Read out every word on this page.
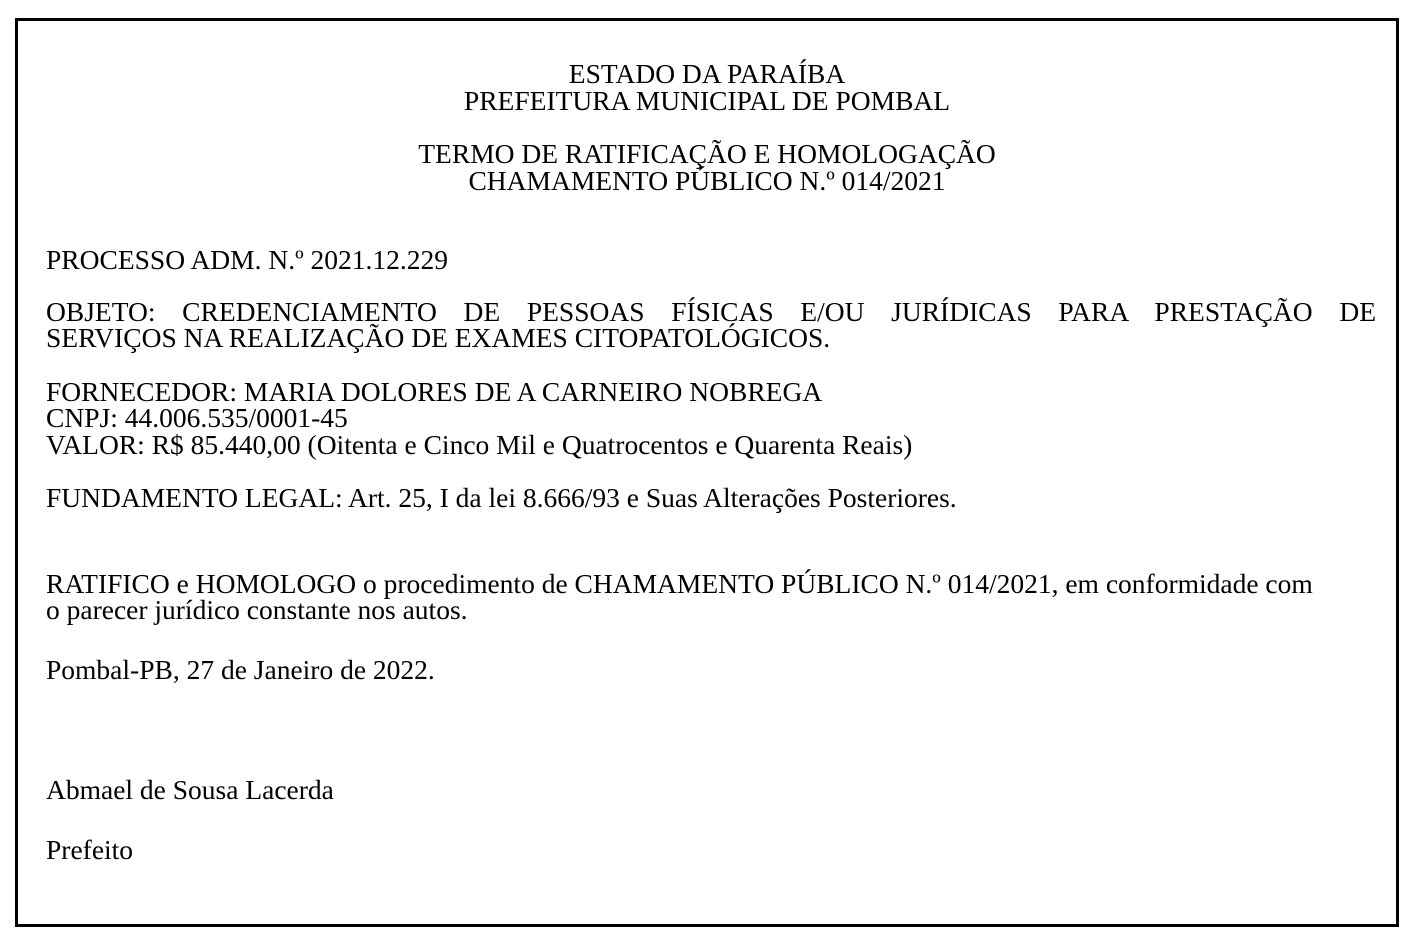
ESTADO DA PARAÍBA
PREFEITURA MUNICIPAL DE POMBAL
TERMO DE RATIFICAÇÃO E HOMOLOGAÇÃO
CHAMAMENTO PÚBLICO N.º 014/2021
PROCESSO ADM. N.º 2021.12.229
OBJETO: CREDENCIAMENTO DE PESSOAS FÍSICAS E/OU JURÍDICAS PARA PRESTAÇÃO DE
SERVIÇOS NA REALIZAÇÃO DE EXAMES CITOPATOLÓGICOS.
FORNECEDOR: MARIA DOLORES DE A CARNEIRO NOBREGA
CNPJ: 44.006.535/0001-45
VALOR: R$ 85.440,00 (Oitenta e Cinco Mil e Quatrocentos e Quarenta Reais)
FUNDAMENTO LEGAL: Art. 25, I da lei 8.666/93 e Suas Alterações Posteriores.
RATIFICO e HOMOLOGO o procedimento de CHAMAMENTO PÚBLICO N.º 014/2021, em conformidade com
o parecer jurídico constante nos autos.
Pombal-PB, 27 de Janeiro de 2022.
Abmael de Sousa Lacerda
Prefeito
